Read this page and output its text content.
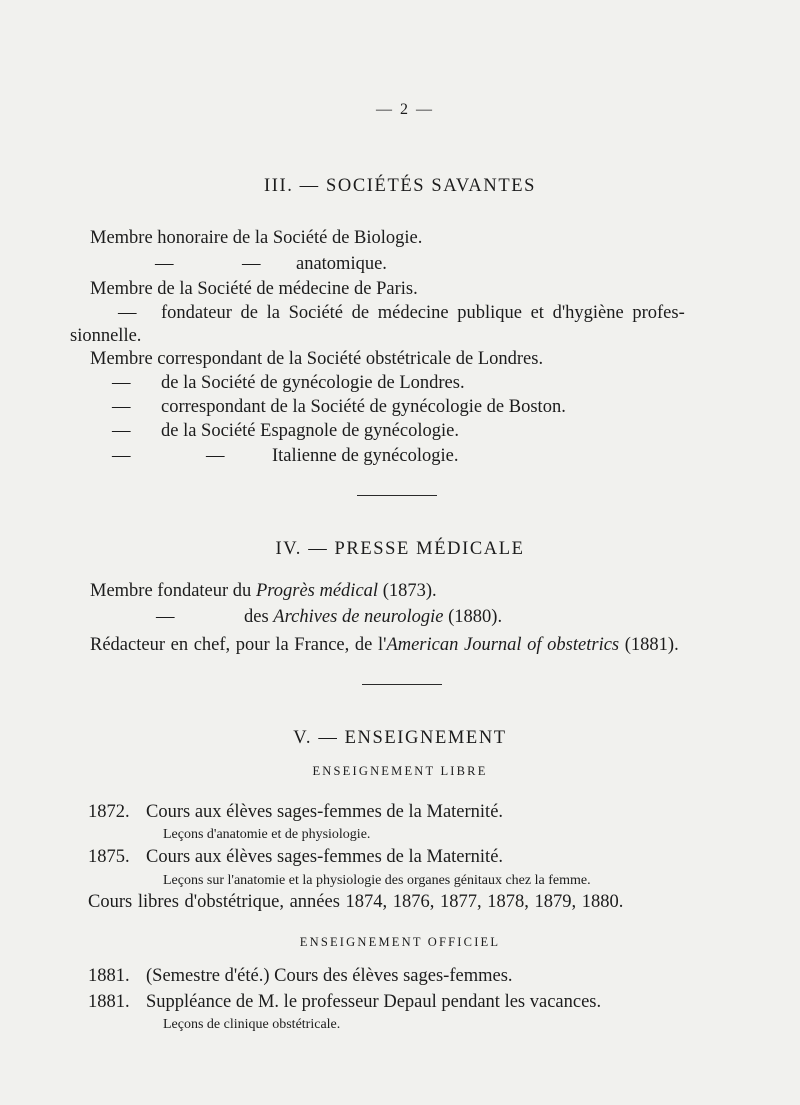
— 2 —
III. — SOCIÉTÉS SAVANTES
Membre honoraire de la Société de Biologie.
—	— anatomique.
Membre de la Société de médecine de Paris.
— fondateur de la Société de médecine publique et d'hygiène profes-
sionnelle.
Membre correspondant de la Société obstétricale de Londres.
— de la Société de gynécologie de Londres.
— correspondant de la Société de gynécologie de Boston.
— de la Société Espagnole de gynécologie.
—	—	Italienne de gynécologie.
IV. — PRESSE MÉDICALE
Membre fondateur du Progrès médical (1873).
—	des Archives de neurologie (1880).
Rédacteur en chef, pour la France, de l'American Journal of obstetrics (1881).
V. — ENSEIGNEMENT
ENSEIGNEMENT LIBRE
1872. Cours aux élèves sages-femmes de la Maternité.
Leçons d'anatomie et de physiologie.
1875. Cours aux élèves sages-femmes de la Maternité.
Leçons sur l'anatomie et la physiologie des organes génitaux chez la femme.
Cours libres d'obstétrique, années 1874, 1876, 1877, 1878, 1879, 1880.
ENSEIGNEMENT OFFICIEL
1881. (Semestre d'été.) Cours des élèves sages-femmes.
1881. Suppléance de M. le professeur Depaul pendant les vacances.
Leçons de clinique obstétricale.
